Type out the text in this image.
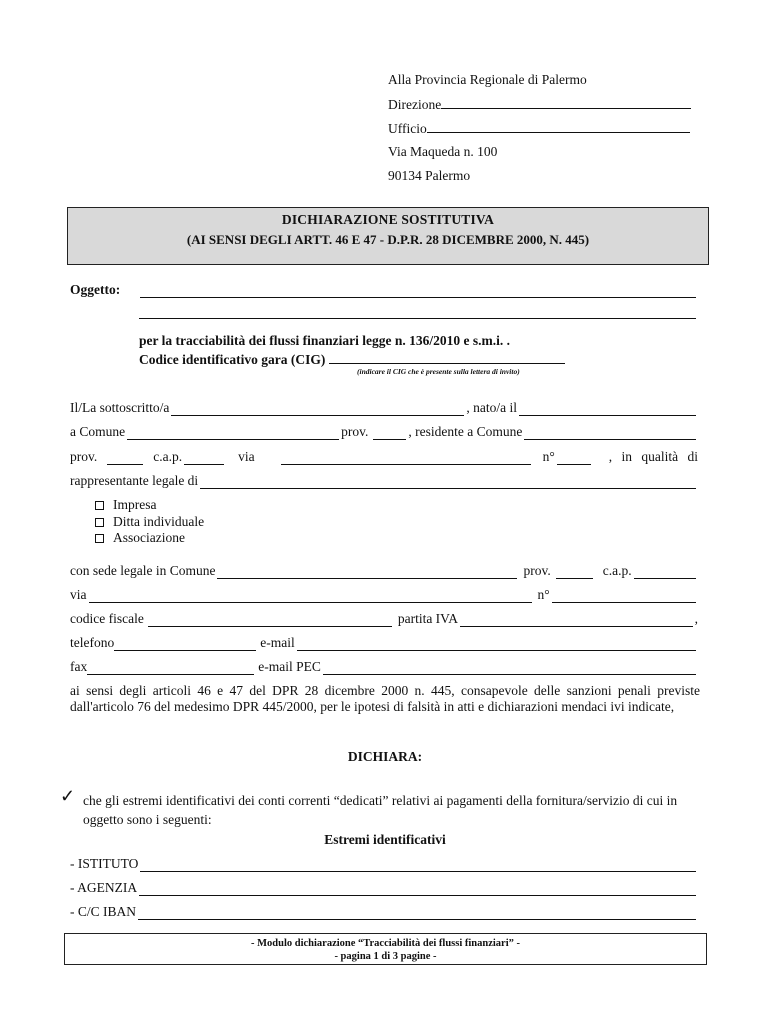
Alla Provincia Regionale di Palermo
Direzione
Ufficio
Via Maqueda n. 100
90134 Palermo
DICHIARAZIONE SOSTITUTIVA
(AI SENSI DEGLI ARTT. 46 E 47 - D.P.R. 28 DICEMBRE 2000, N. 445)
Oggetto:
per la tracciabilità dei flussi finanziari legge n. 136/2010 e s.m.i. .
Codice identificativo gara (CIG)
(indicare il CIG che è presente sulla lettera di invito)
Il/La sottoscritto/a	, nato/a il
a Comune	prov.	, residente a Comune
prov.	c.a.p.	via	n°	, in qualità di
rappresentante legale di
Impresa
Ditta individuale
Associazione
con sede legale in Comune	prov.	c.a.p.
via	n°
codice fiscale	partita IVA	,
telefono	e-mail
fax	e-mail PEC
ai sensi degli articoli 46 e 47 del DPR 28 dicembre 2000 n. 445, consapevole delle sanzioni penali previste dall'articolo 76 del medesimo DPR 445/2000, per le ipotesi di falsità in atti e dichiarazioni mendaci ivi indicate,
DICHIARA:
✓ che gli estremi identificativi dei conti correnti “dedicati” relativi ai pagamenti della fornitura/servizio di cui in oggetto sono i seguenti:
Estremi identificativi
- ISTITUTO
- AGENZIA
- C/C IBAN
- Modulo dichiarazione “Tracciabilità dei flussi finanziari” -
- pagina 1 di 3 pagine -
